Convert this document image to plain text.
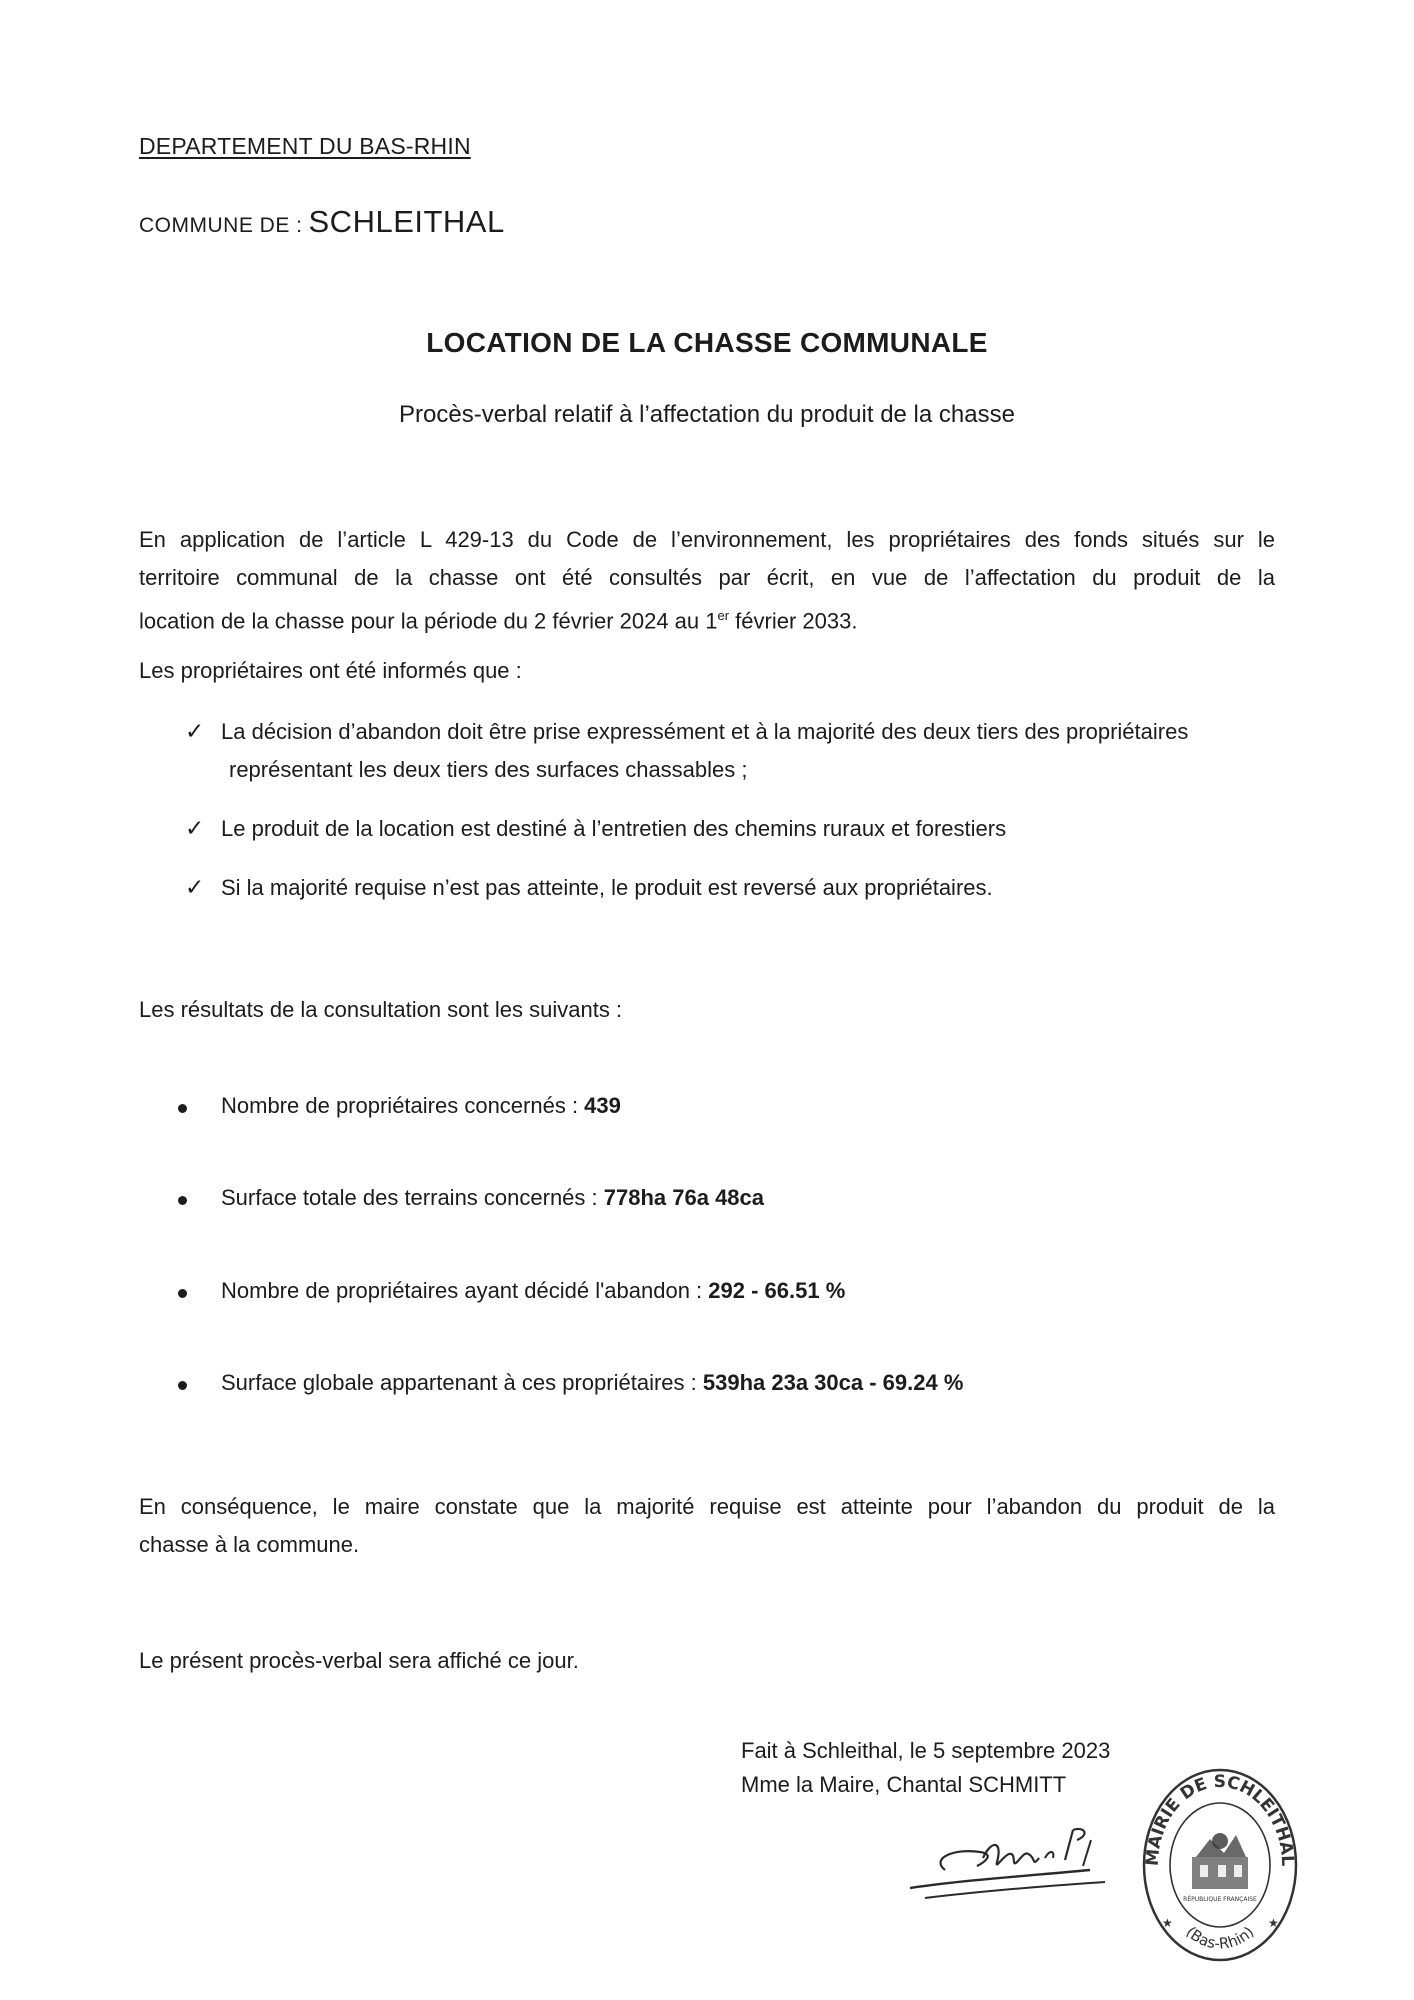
DEPARTEMENT DU BAS-RHIN
COMMUNE DE : SCHLEITHAL
LOCATION DE LA CHASSE COMMUNALE
Procès-verbal relatif à l’affectation du produit de la chasse
En application de l’article L 429-13 du Code de l’environnement, les propriétaires des fonds situés sur le
territoire communal de la chasse ont été consultés par écrit, en vue de l’affectation du produit de la
location de la chasse pour la période du 2 février 2024 au 1er février 2033.
Les propriétaires ont été informés que :
✓ La décision d’abandon doit être prise expressément et à la majorité des deux tiers des propriétaires
représentant les deux tiers des surfaces chassables ;
✓ Le produit de la location est destiné à l’entretien des chemins ruraux et forestiers
✓ Si la majorité requise n’est pas atteinte, le produit est reversé aux propriétaires.
Les résultats de la consultation sont les suivants :
Nombre de propriétaires concernés : 439
Surface totale des terrains concernés : 778ha 76a 48ca
Nombre de propriétaires ayant décidé l'abandon : 292 - 66.51 %
Surface globale appartenant à ces propriétaires : 539ha 23a 30ca - 69.24 %
En conséquence, le maire constate que la majorité requise est atteinte pour l’abandon du produit de la
chasse à la commune.
Le présent procès-verbal sera affiché ce jour.
Fait à Schleithal, le 5 septembre 2023
Mme la Maire, Chantal SCHMITT
MAIRIE DE SCHLEITHAL
(Bas-Rhin)
RÉPUBLIQUE FRANÇAISE
★	★
